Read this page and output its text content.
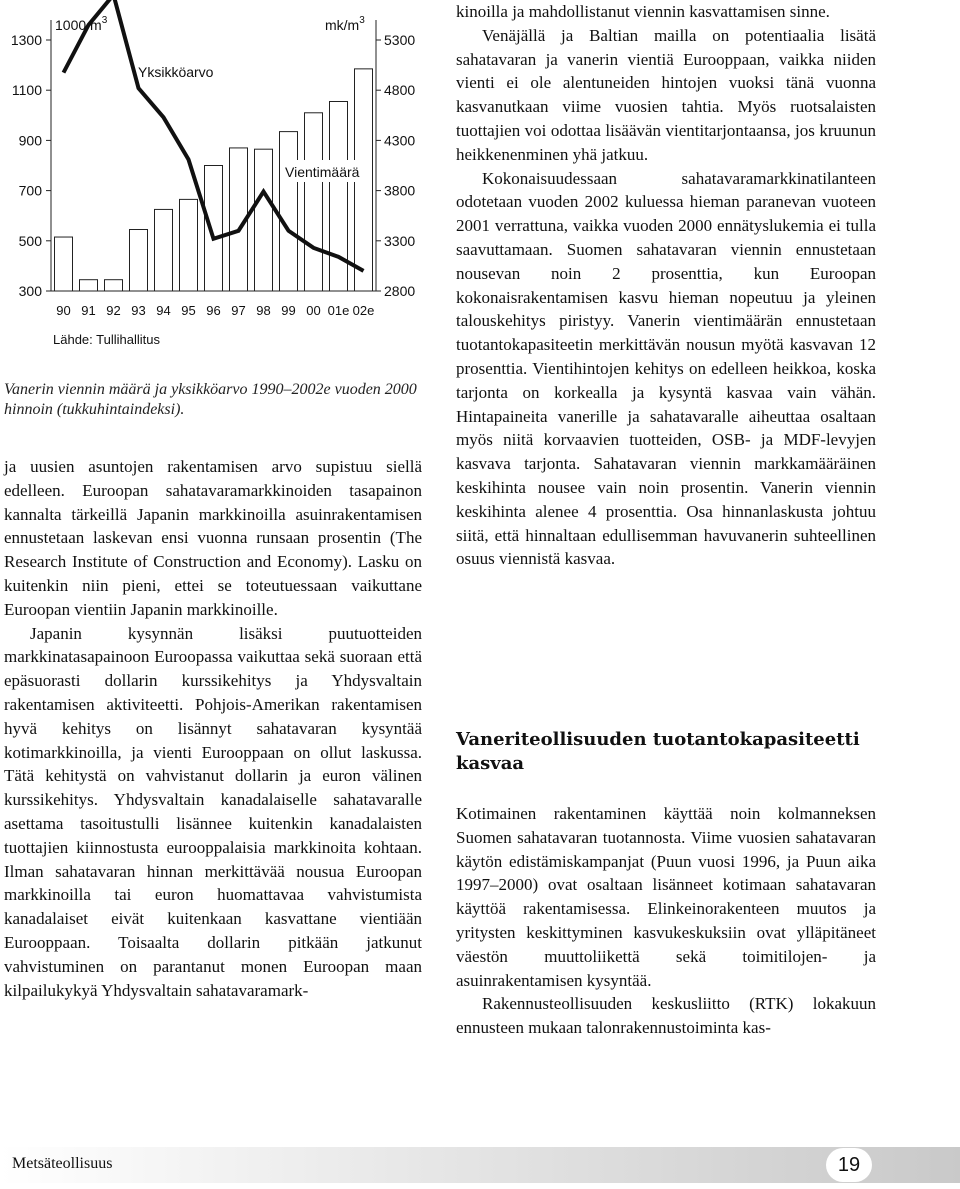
300
500
700
900
1100
1300
2800
3300
3800
4300
4800
5300
90 91 92 93 94 95 96 97 98 99 00 01e 02e
1000 $m^3$	$mk/m^3$
Yksikköarvo
Vientimäärä
Lähde: Tullihallitus
Vanerin viennin määrä ja yksikköarvo 1990–2002e vuoden 2000 hinnoin (tukkuhintaindeksi).

ja uusien asuntojen rakentamisen arvo supistuu siellä edelleen. Euroopan sahatavaramarkkinoiden tasapainon kannalta tärkeillä Japanin markkinoilla asuinrakentamisen ennustetaan laskevan ensi vuonna runsaan prosentin (The Research Institute of Construction and Economy). Lasku on kuitenkin niin pieni, ettei se toteutuessaan vaikuttane Euroopan vientiin Japanin markkinoille.

Japanin kysynnän lisäksi puutuotteiden markkinatasapainoon Euroopassa vaikuttaa sekä suoraan että epäsuorasti dollarin kurssikehitys ja Yhdysvaltain rakentamisen aktiviteetti. Pohjois-Amerikan rakentamisen hyvä kehitys on lisännyt sahatavaran kysyntää kotimarkkinoilla, ja vienti Eurooppaan on ollut laskussa. Tätä kehitystä on vahvistanut dollarin ja euron välinen kurssikehitys. Yhdysvaltain kanadalaiselle sahatavaralle asettama tasoitustulli lisännee kuitenkin kanadalaisten tuottajien kiinnostusta eurooppalaisia markkinoita kohtaan. Ilman sahatavaran hinnan merkittävää nousua Euroopan markkinoilla tai euron huomattavaa vahvistumista kanadalaiset eivät kuitenkaan kasvattane vientiään Eurooppaan. Toisaalta dollarin pitkään jatkunut vahvistuminen on parantanut monen Euroopan maan kilpailukykyä Yhdysvaltain sahatavaramark-

kinoilla ja mahdollistanut viennin kasvattamisen sinne.

Venäjällä ja Baltian mailla on potentiaalia lisätä sahatavaran ja vanerin vientiä Eurooppaan, vaikka niiden vienti ei ole alentuneiden hintojen vuoksi tänä vuonna kasvanutkaan viime vuosien tahtia. Myös ruotsalaisten tuottajien voi odottaa lisäävän vientitarjontaansa, jos kruunun heikkenenminen yhä jatkuu.

Kokonaisuudessaan sahatavaramarkkinatilanteen odotetaan vuoden 2002 kuluessa hieman paranevan vuoteen 2001 verrattuna, vaikka vuoden 2000 ennätyslukemia ei tulla saavuttamaan. Suomen sahatavaran viennin ennustetaan nousevan noin 2 prosenttia, kun Euroopan kokonaisrakentamisen kasvu hieman nopeutuu ja yleinen talouskehitys piristyy. Vanerin vientimäärän ennustetaan tuotantokapasiteetin merkittävän nousun myötä kasvavan 12 prosenttia. Vientihintojen kehitys on edelleen heikkoa, koska tarjonta on korkealla ja kysyntä kasvaa vain vähän. Hintapaineita vanerille ja sahatavaralle aiheuttaa osaltaan myös niitä korvaavien tuotteiden, OSB- ja MDF-levyjen kasvava tarjonta. Sahatavaran viennin markkamääräinen keskihinta nousee vain noin prosentin. Vanerin viennin keskihinta alenee 4 prosenttia. Osa hinnanlaskusta johtuu siitä, että hinnaltaan edullisemman havuvanerin suhteellinen osuus viennistä kasvaa.

Vaneriteollisuuden tuotantokapasiteetti kasvaa

Kotimainen rakentaminen käyttää noin kolmanneksen Suomen sahatavaran tuotannosta. Viime vuosien sahatavaran käytön edistämiskampanjat (Puun vuosi 1996, ja Puun aika 1997–2000) ovat osaltaan lisänneet kotimaan sahatavaran käyttöä rakentamisessa. Elinkeinorakenteen muutos ja yritysten keskittyminen kasvukeskuksiin ovat ylläpitäneet väestön muuttoliikettä sekä toimitilojen- ja asuinrakentamisen kysyntää.

Rakennusteollisuuden keskusliitto (RTK) lokakuun ennusteen mukaan talonrakennustoiminta kas-

Metsäteollisuus	19
